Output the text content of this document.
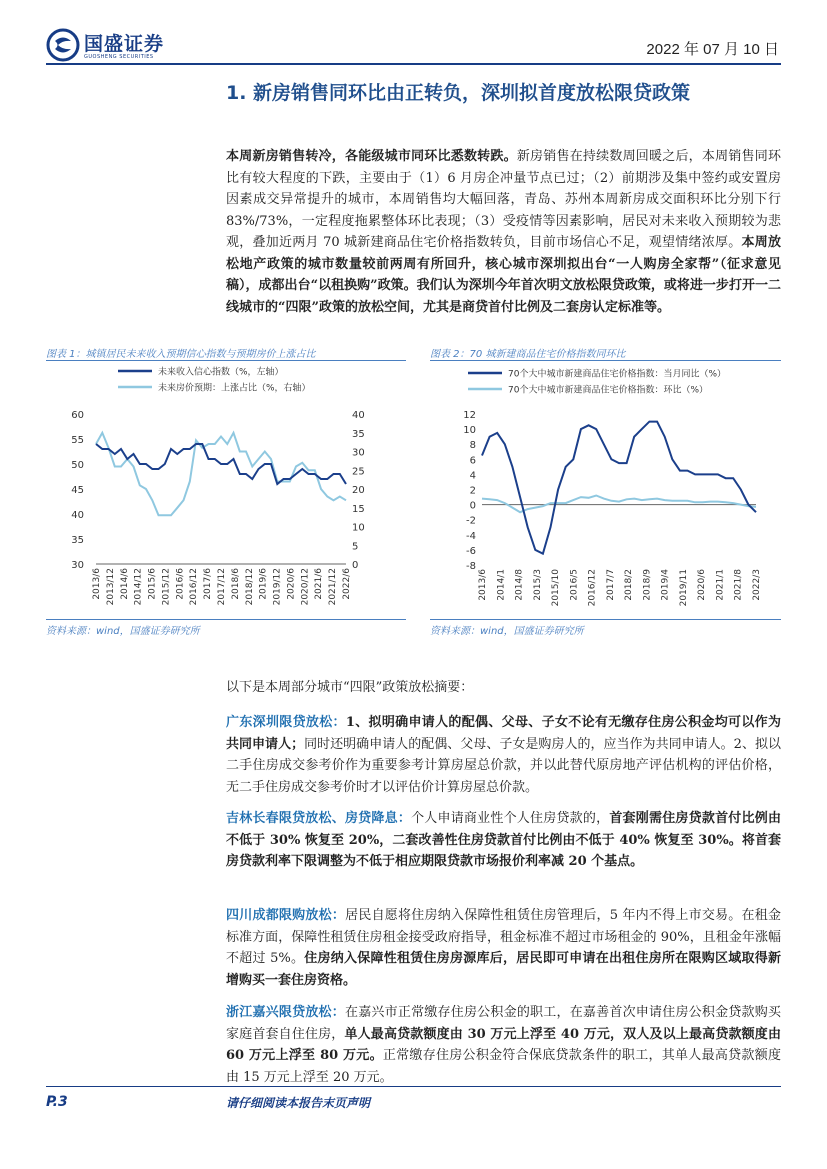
国盛证券
GUOSHENG SECURITIES	2022 年 07 月 10 日
1. 新房销售同环比由正转负，深圳拟首度放松限贷政策
本周新房销售转冷，各能级城市同环比悉数转跌。新房销售在持续数周回暖之后，本周销售同环比有较大程度的下跌，主要由于（1）6 月房企冲量节点已过；（2）前期涉及集中签约或安置房因素成交异常提升的城市，本周销售均大幅回落，青岛、苏州本周新房成交面积环比分别下行 83%/73%，一定程度拖累整体环比表现；（3）受疫情等因素影响，居民对未来收入预期较为悲观，叠加近两月 70 城新建商品住宅价格指数转负，目前市场信心不足，观望情绪浓厚。本周放松地产政策的城市数量较前两周有所回升，核心城市深圳拟出台“一人购房全家帮”（征求意见稿），成都出台“以租换购”政策。我们认为深圳今年首次明文放松限贷政策，或将进一步打开一二线城市的“四限”政策的放松空间，尤其是商贷首付比例及二套房认定标准等。
图表 1：城镇居民未来收入预期信心指数与预期房价上涨占比
未来收入信心指数（%，左轴）
未来房价预期：上涨占比（%，右轴）
30
35
40
45
50
55
60
0
5
10
15
20
25
30
35
40
2013/6 2013/12 2014/6 2014/12 2015/6 2015/12 2016/6 2016/12 2017/6 2017/12 2018/6 2018/12 2019/6 2019/12 2020/6 2020/12 2021/6 2021/12 2022/6
资料来源：wind，国盛证券研究所
图表 2：70 城新建商品住宅价格指数同环比
70个大中城市新建商品住宅价格指数：当月同比（%）
70个大中城市新建商品住宅价格指数：环比（%）
-8
-6
-4
-2
0
2
4
6
8
10
12
2013/6 2014/1 2014/8 2015/3 2015/10 2016/5 2016/12 2017/7 2018/2 2018/9 2019/4 2019/11 2020/6 2021/1 2021/8 2022/3
资料来源：wind，国盛证券研究所
以下是本周部分城市“四限”政策放松摘要：
广东深圳限贷放松：1、拟明确申请人的配偶、父母、子女不论有无缴存住房公积金均可以作为共同申请人；同时还明确申请人的配偶、父母、子女是购房人的，应当作为共同申请人。2、拟以二手住房成交参考价作为重要参考计算房屋总价款，并以此替代原房地产评估机构的评估价格，无二手住房成交参考价时才以评估价计算房屋总价款。
吉林长春限贷放松、房贷降息：个人申请商业性个人住房贷款的，首套刚需住房贷款首付比例由不低于 30% 恢复至 20%，二套改善性住房贷款首付比例由不低于 40% 恢复至 30%。将首套房贷款利率下限调整为不低于相应期限贷款市场报价利率减 20 个基点。
四川成都限购放松：居民自愿将住房纳入保障性租赁住房管理后，5 年内不得上市交易。在租金标准方面，保障性租赁住房租金接受政府指导，租金标准不超过市场租金的 90%，且租金年涨幅不超过 5%。住房纳入保障性租赁住房房源库后，居民即可申请在出租住房所在限购区域取得新增购买一套住房资格。
浙江嘉兴限贷放松：在嘉兴市正常缴存住房公积金的职工，在嘉善首次申请住房公积金贷款购买家庭首套自住住房，单人最高贷款额度由 30 万元上浮至 40 万元，双人及以上最高贷款额度由 60 万元上浮至 80 万元。正常缴存住房公积金符合保底贷款条件的职工，其单人最高贷款额度由 15 万元上浮至 20 万元。
P.3	请仔细阅读本报告末页声明
